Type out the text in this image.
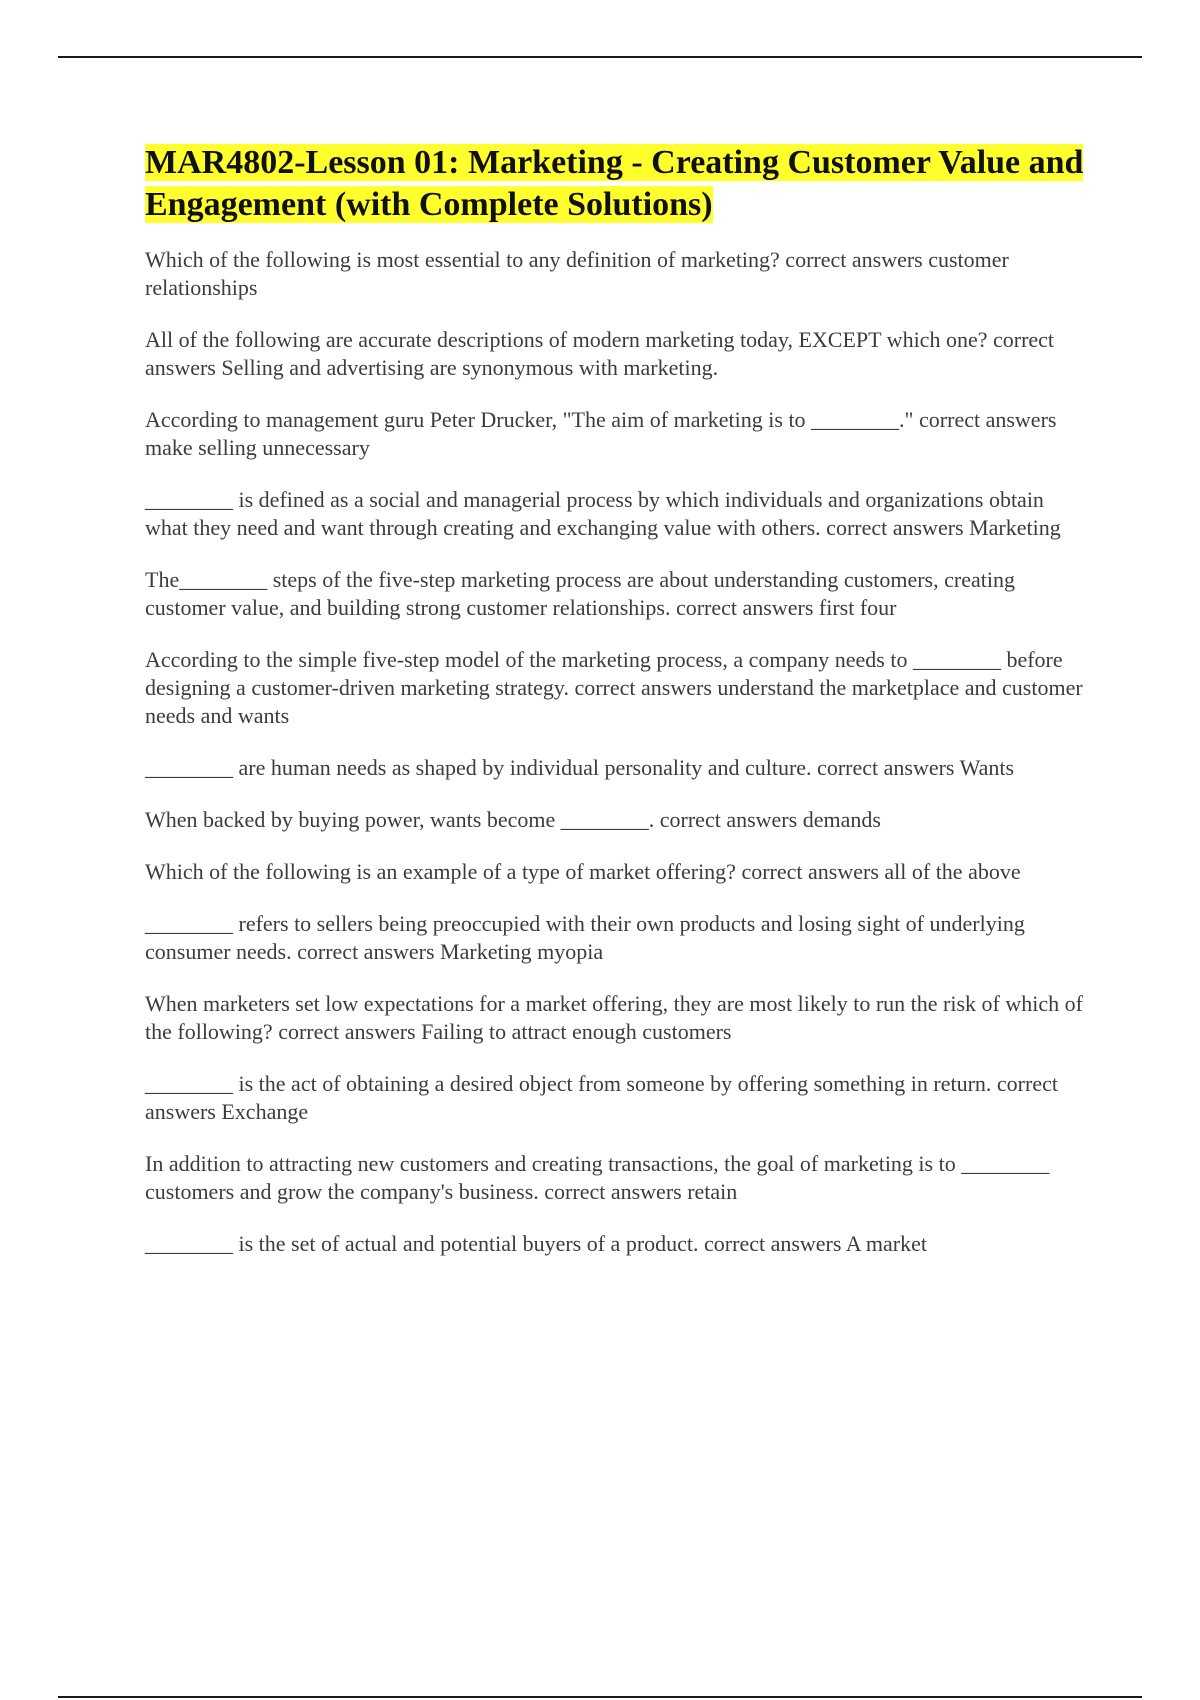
MAR4802-Lesson 01: Marketing - Creating Customer Value and Engagement (with Complete Solutions)

Which of the following is most essential to any definition of marketing? correct answers customer relationships

All of the following are accurate descriptions of modern marketing today, EXCEPT which one? correct answers Selling and advertising are synonymous with marketing.

According to management guru Peter Drucker, "The aim of marketing is to ________." correct answers make selling unnecessary

________ is defined as a social and managerial process by which individuals and organizations obtain what they need and want through creating and exchanging value with others. correct answers Marketing

The________ steps of the five-step marketing process are about understanding customers, creating customer value, and building strong customer relationships. correct answers first four

According to the simple five-step model of the marketing process, a company needs to ________ before designing a customer-driven marketing strategy. correct answers understand the marketplace and customer needs and wants

________ are human needs as shaped by individual personality and culture. correct answers Wants

When backed by buying power, wants become ________. correct answers demands

Which of the following is an example of a type of market offering? correct answers all of the above

________ refers to sellers being preoccupied with their own products and losing sight of underlying consumer needs. correct answers Marketing myopia

When marketers set low expectations for a market offering, they are most likely to run the risk of which of the following? correct answers Failing to attract enough customers

________ is the act of obtaining a desired object from someone by offering something in return. correct answers Exchange

In addition to attracting new customers and creating transactions, the goal of marketing is to ________ customers and grow the company's business. correct answers retain

________ is the set of actual and potential buyers of a product. correct answers A market
